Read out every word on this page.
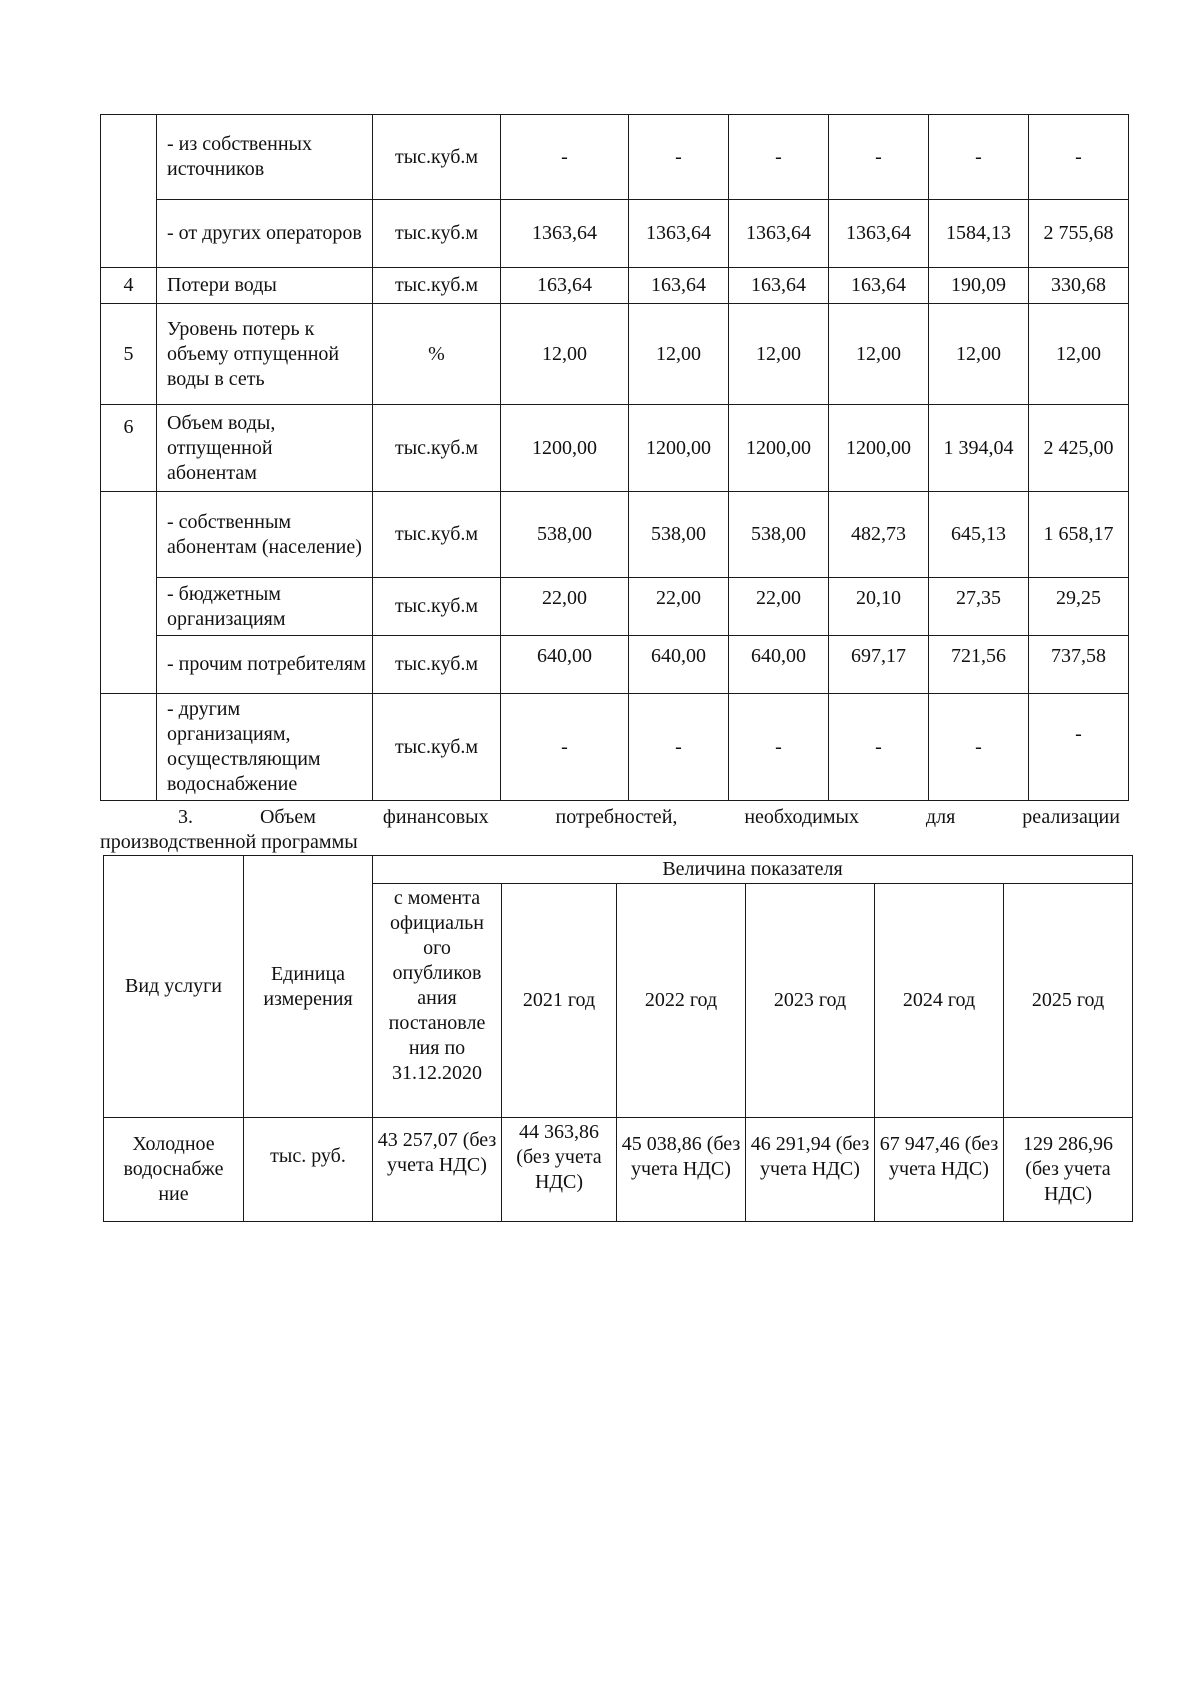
	- из собственных источников	тыс.куб.м	-	-	-	-	-	-
	- от других операторов	тыс.куб.м	1363,64	1363,64	1363,64	1363,64	1584,13	2 755,68
4	Потери воды	тыс.куб.м	163,64	163,64	163,64	163,64	190,09	330,68
5	Уровень потерь к объему отпущенной воды в сеть	%	12,00	12,00	12,00	12,00	12,00	12,00
6	Объем воды, отпущенной абонентам	тыс.куб.м	1200,00	1200,00	1200,00	1200,00	1 394,04	2 425,00
	- собственным абонентам (население)	тыс.куб.м	538,00	538,00	538,00	482,73	645,13	1 658,17
	- бюджетным организациям	тыс.куб.м	22,00	22,00	22,00	20,10	27,35	29,25
	- прочим потребителям	тыс.куб.м	640,00	640,00	640,00	697,17	721,56	737,58
	- другим организациям, осуществляющим водоснабжение	тыс.куб.м	-	-	-	-	-	-
3.	Объем	финансовых	потребностей,	необходимых	для	реализации
производственной программы
Вид услуги	Единица измерения	Величина показателя					
		с момента официальн ого опубликов ания постановле ния по 31.12.2020	2021 год	2022 год	2023 год	2024 год	2025 год
Холодное водоснабже ние	тыс. руб.	43 257,07 (без учета НДС)	44 363,86 (без учета НДС)	45 038,86 (без учета НДС)	46 291,94 (без учета НДС)	67 947,46 (без учета НДС)	129 286,96 (без учета НДС)
